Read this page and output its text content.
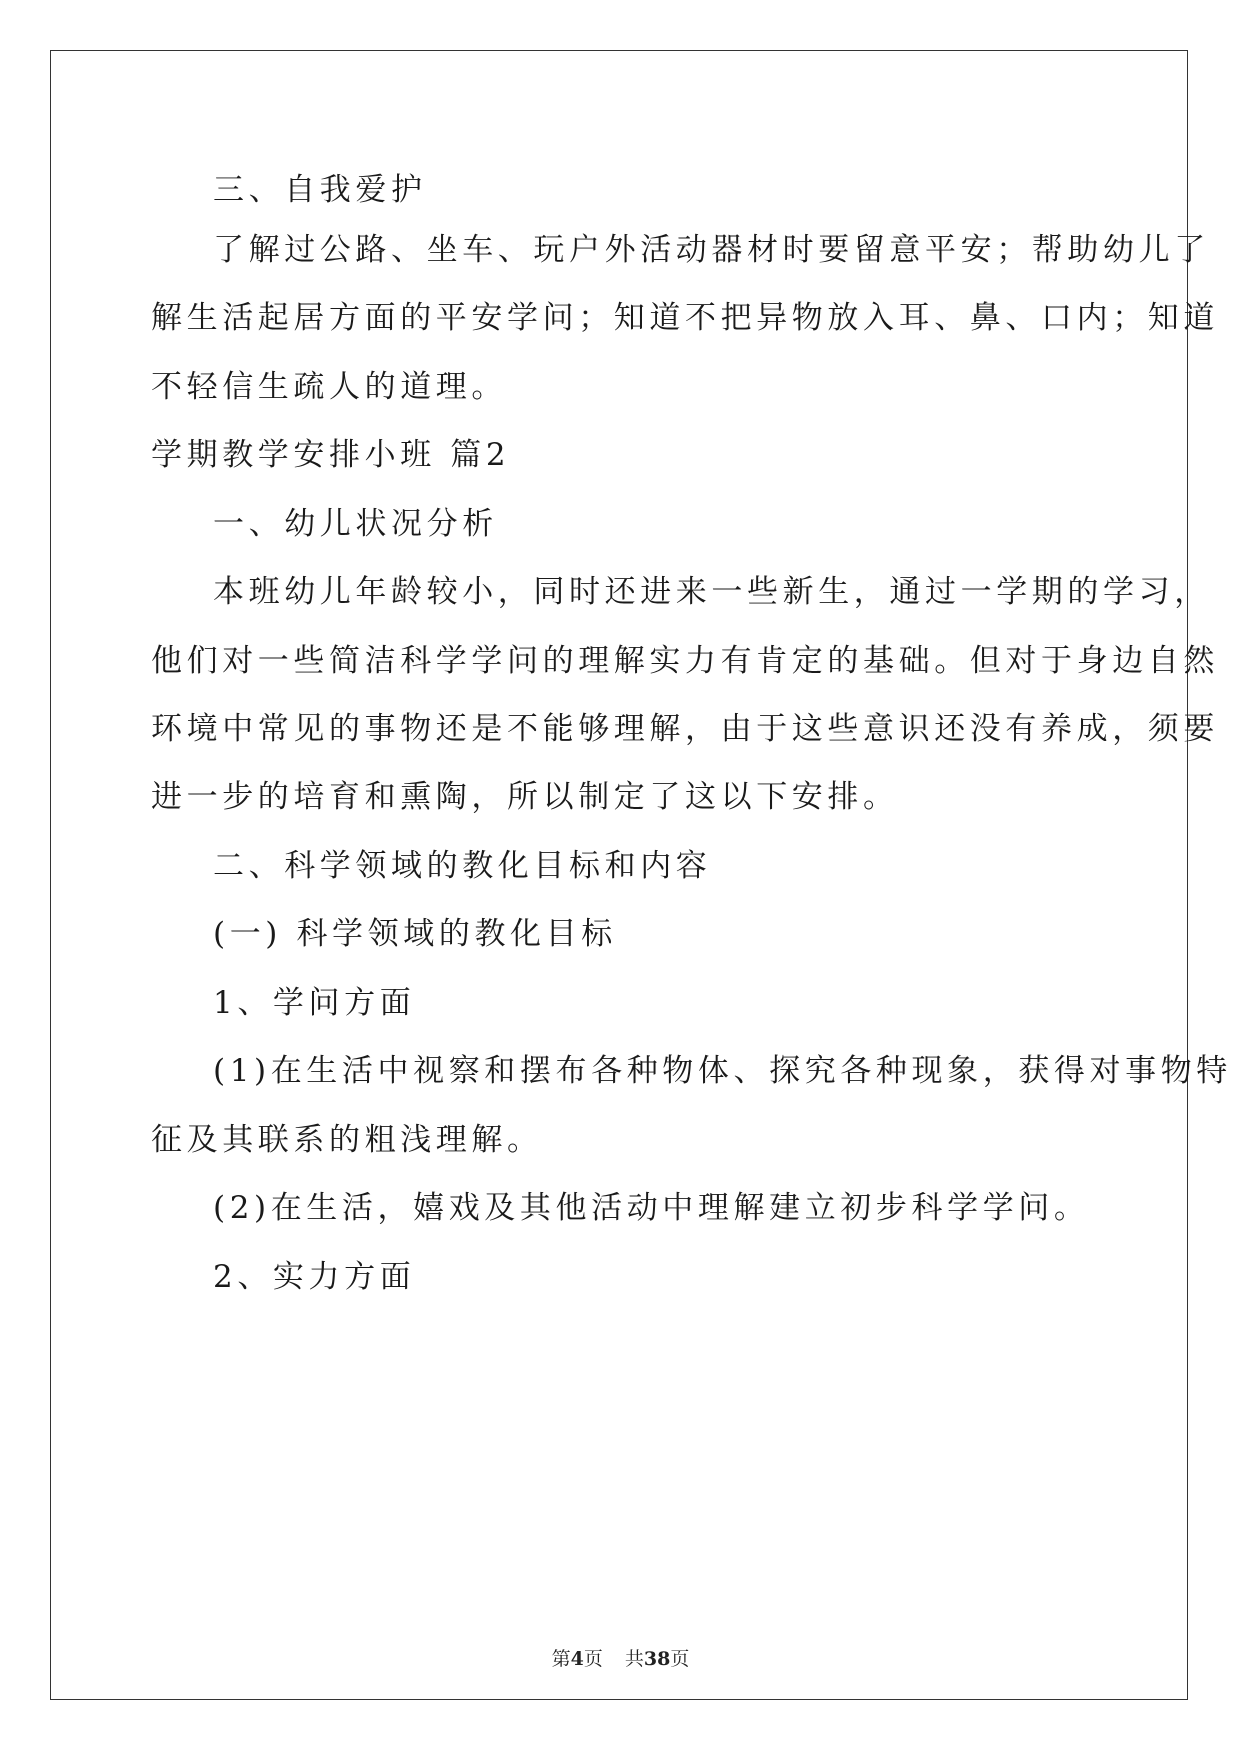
三、自我爱护

了解过公路、坐车、玩户外活动器材时要留意平安；帮助幼儿了

解生活起居方面的平安学问；知道不把异物放入耳、鼻、口内；知道

不轻信生疏人的道理。

学期教学安排小班 篇2

一、幼儿状况分析

本班幼儿年龄较小，同时还进来一些新生，通过一学期的学习，

他们对一些简洁科学学问的理解实力有肯定的基础。但对于身边自然

环境中常见的事物还是不能够理解，由于这些意识还没有养成，须要

进一步的培育和熏陶，所以制定了这以下安排。

二、科学领域的教化目标和内容

(一) 科学领域的教化目标

1、学问方面

(1)在生活中视察和摆布各种物体、探究各种现象，获得对事物特

征及其联系的粗浅理解。

(2)在生活，嬉戏及其他活动中理解建立初步科学学问。

2、实力方面

第4页 共38页
